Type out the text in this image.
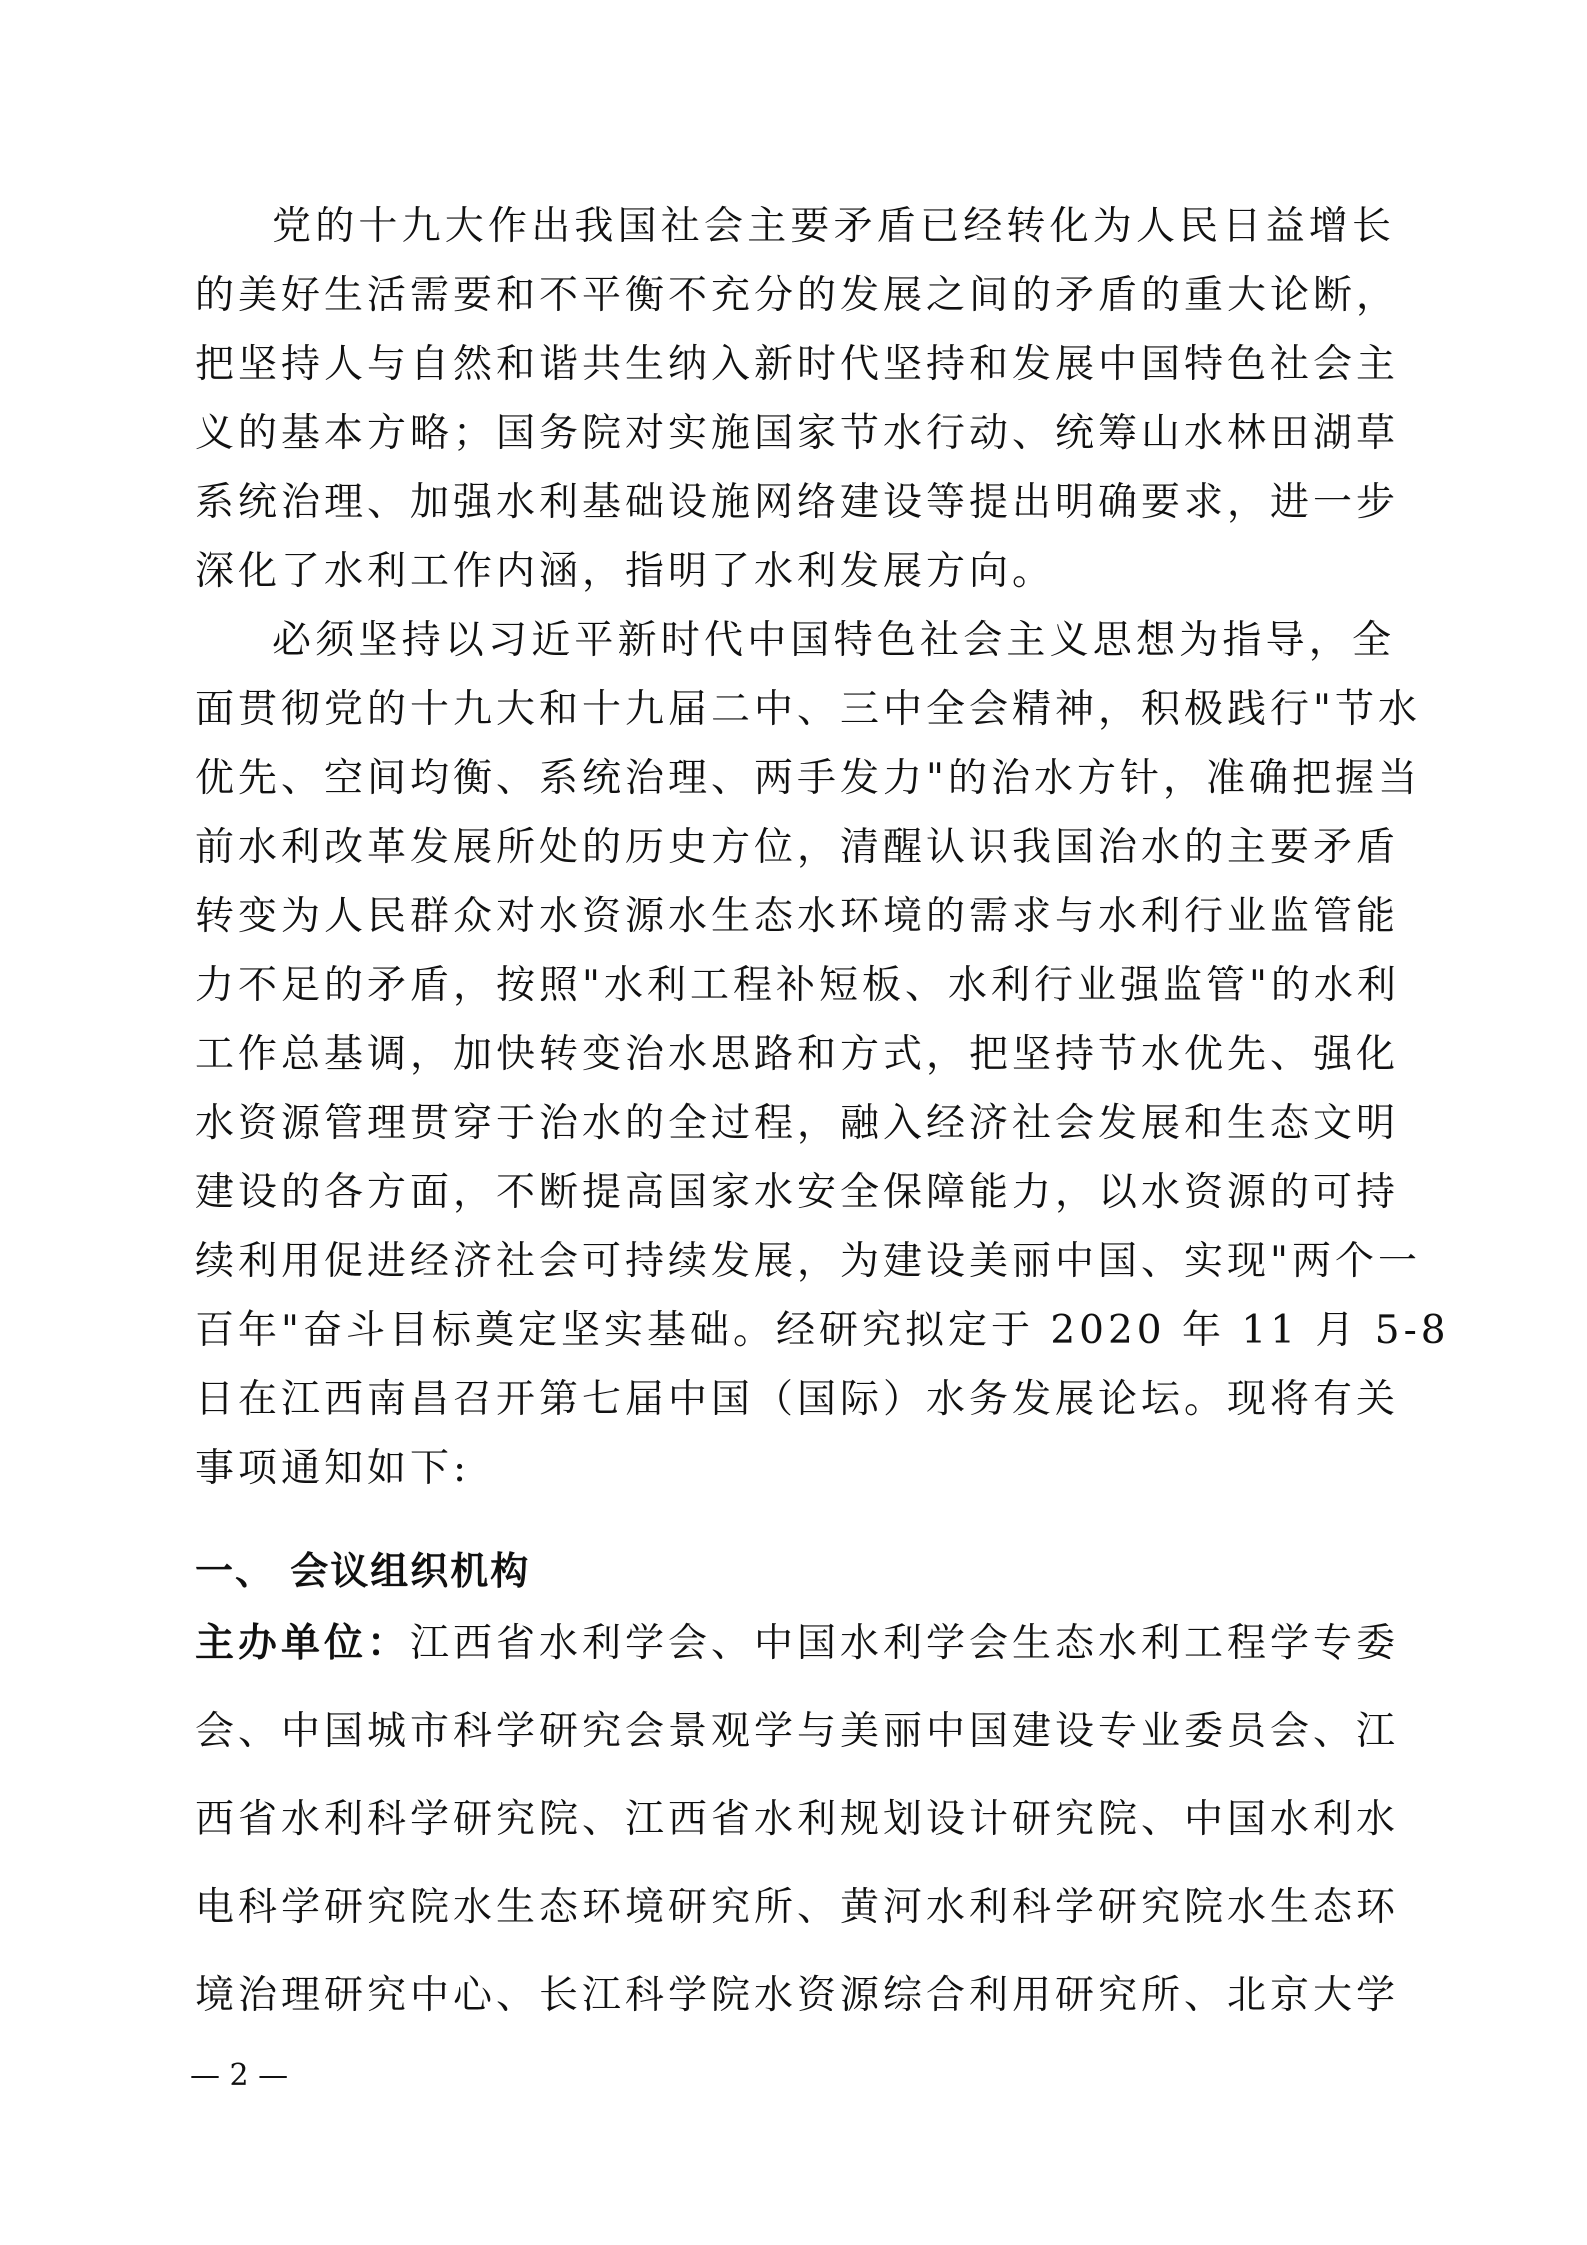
党的十九大作出我国社会主要矛盾已经转化为人民日益增长
的美好生活需要和不平衡不充分的发展之间的矛盾的重大论断，
把坚持人与自然和谐共生纳入新时代坚持和发展中国特色社会主
义的基本方略；国务院对实施国家节水行动、统筹山水林田湖草
系统治理、加强水利基础设施网络建设等提出明确要求，进一步
深化了水利工作内涵，指明了水利发展方向。
必须坚持以习近平新时代中国特色社会主义思想为指导，全
面贯彻党的十九大和十九届二中、三中全会精神，积极践行"节水
优先、空间均衡、系统治理、两手发力"的治水方针，准确把握当
前水利改革发展所处的历史方位，清醒认识我国治水的主要矛盾
转变为人民群众对水资源水生态水环境的需求与水利行业监管能
力不足的矛盾，按照"水利工程补短板、水利行业强监管"的水利
工作总基调，加快转变治水思路和方式，把坚持节水优先、强化
水资源管理贯穿于治水的全过程，融入经济社会发展和生态文明
建设的各方面，不断提高国家水安全保障能力，以水资源的可持
续利用促进经济社会可持续发展，为建设美丽中国、实现"两个一
百年"奋斗目标奠定坚实基础。经研究拟定于 2020 年 11 月 5-8
日在江西南昌召开第七届中国（国际）水务发展论坛。现将有关
事项通知如下:
一、 会议组织机构
主办单位：江西省水利学会、中国水利学会生态水利工程学专委
会、中国城市科学研究会景观学与美丽中国建设专业委员会、江
西省水利科学研究院、江西省水利规划设计研究院、中国水利水
电科学研究院水生态环境研究所、黄河水利科学研究院水生态环
境治理研究中心、长江科学院水资源综合利用研究所、北京大学
— 2 —
